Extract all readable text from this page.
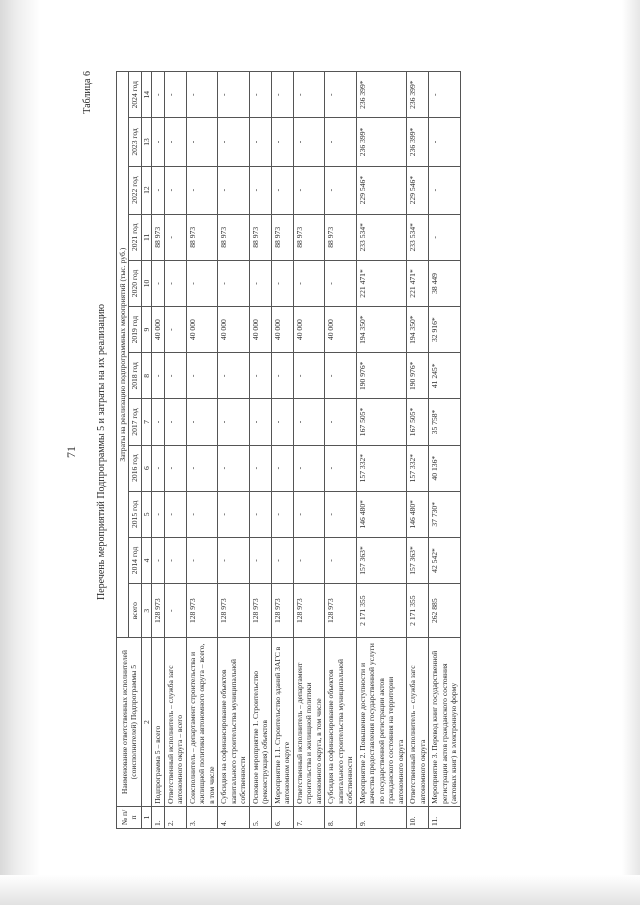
71
Таблица 6
Перечень мероприятий Подпрограммы 5 и затраты на их реализацию
№ п/п	Наименование ответственных исполнителей (соисполнителей) Подпрограммы 5	Затраты на реализацию подпрограммных мероприятий (тыс. руб.)											
		всего	2014 год	2015 год	2016 год	2017 год	2018 год	2019 год	2020 год	2021 год	2022 год	2023 год	2024 год
1	2	3	4	5	6	7	8	9	10	11	12	13	14
1.	Подпрограмма 5 – всего	128 973	-	-	-	-	-	40 000	-	88 973	-	-	-
2.	Ответственный исполнитель – служба загс автономного округа – всего	-	-	-	-	-	-	-	-	-	-	-	-
3.	Соисполнитель – департамент строительства и жилищной политики автономного округа – всего, в том числе	128 973	-	-	-	-	-	40 000	-	88 973	-	-	-
4.	Субсидия на софинансирование объектов капитального строительства муниципальной собственности	128 973	-	-	-	-	-	40 000	-	88 973	-	-	-
5.	Основное мероприятие 1. Строительство (реконструкция) объектов	128 973	-	-	-	-	-	40 000	-	88 973	-	-	-
6.	Мероприятие 1.1. Строительство зданий ЗАГС в автономном округе	128 973	-	-	-	-	-	40 000	-	88 973	-	-	-
7.	Ответственный исполнитель – департамент строительства и жилищной политики автономного округа, в том числе	128 973	-	-	-	-	-	40 000	-	88 973	-	-	-
8.	Субсидия на софинансирование объектов капитального строительства муниципальной собственности	128 973	-	-	-	-	-	40 000	-	88 973	-	-	-
9.	Мероприятие 2. Повышение доступности и качества предоставления государственной услуги по государственной регистрации актов гражданского состояния на территории автономного округа	2 171 355	157 363*	146 480*	157 332*	167 505*	190 976*	194 350*	221 471*	233 534*	229 546*	236 399*	236 399*
10.	Ответственный исполнитель – служба загс автономного округа	2 171 355	157 363*	146 480*	157 332*	167 505*	190 976*	194 350*	221 471*	233 534*	229 546*	236 399*	236 399*
11.	Мероприятие 3. Перевод книг государственной регистрации актов гражданского состояния (актовых книг) в электронную форму	262 885	42 542*	37 730*	40 136*	35 758*	41 245*	32 916*	38 449	-	-	-	-
